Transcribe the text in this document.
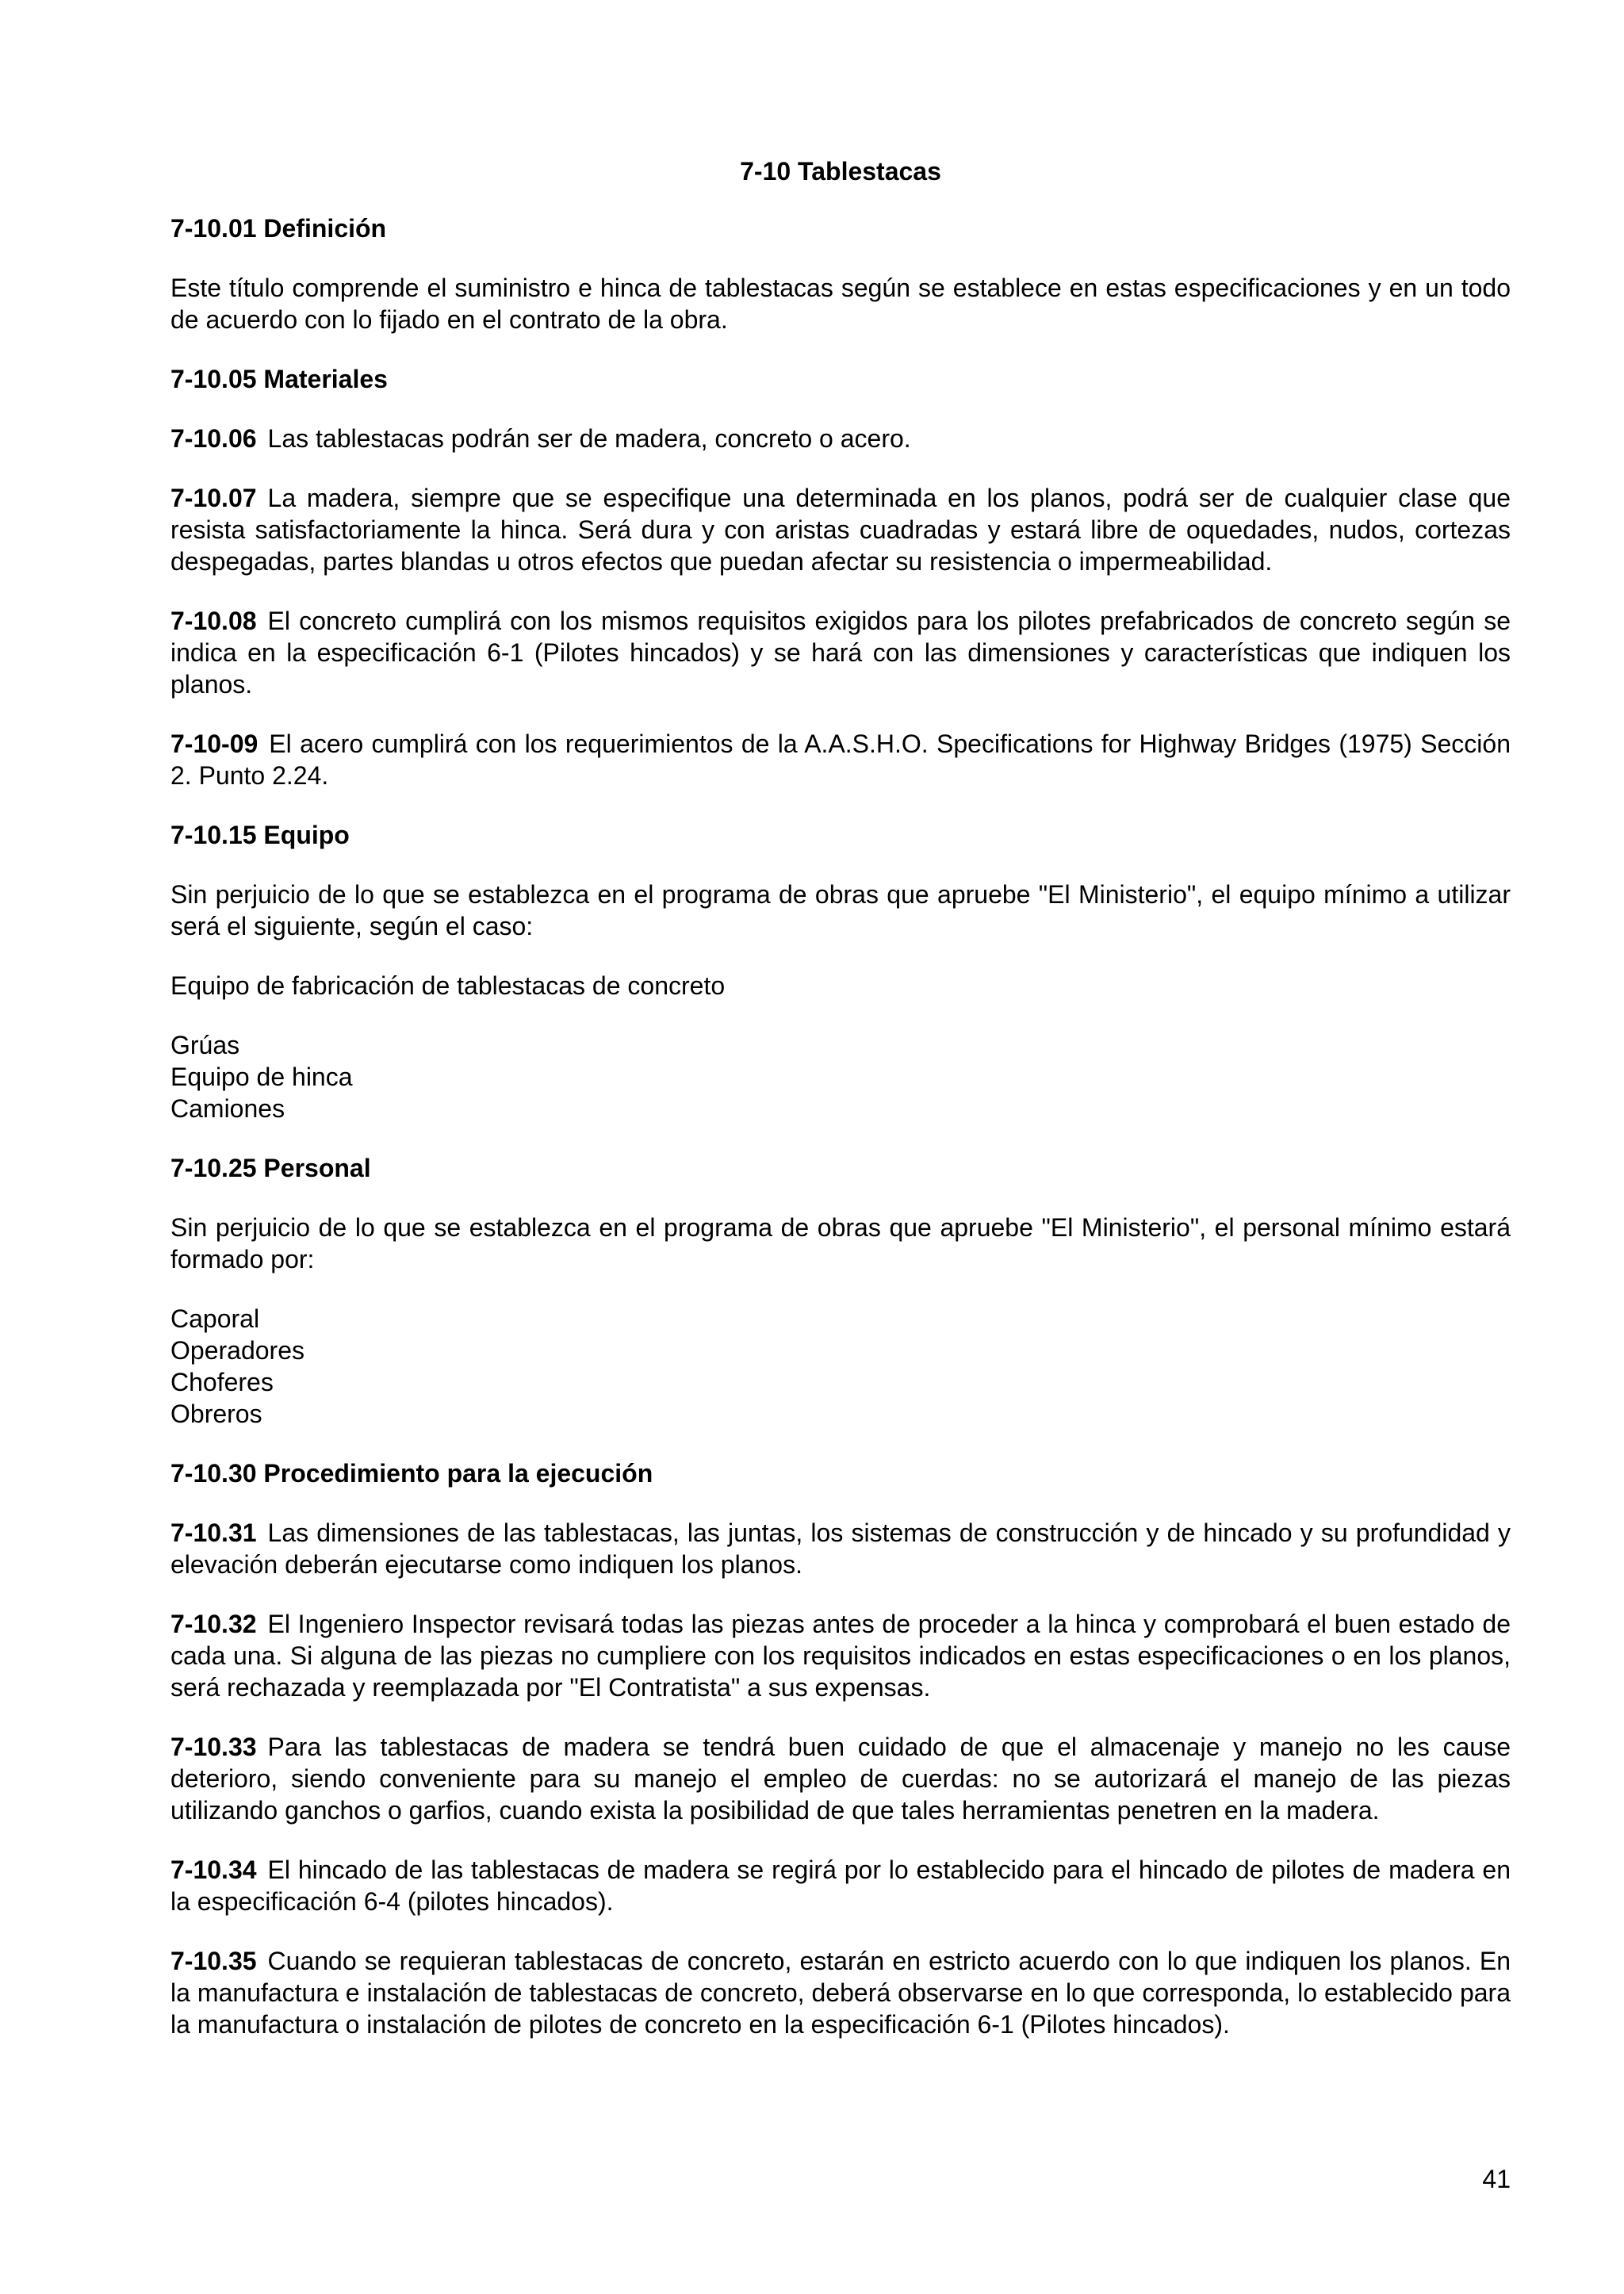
7-10 Tablestacas

7-10.01 Definición

Este título comprende el suministro e hinca de tablestacas según se establece en estas especificaciones y en un todo de acuerdo con lo fijado en el contrato de la obra.

7-10.05 Materiales

7-10.06 Las tablestacas podrán ser de madera, concreto o acero.

7-10.07 La madera, siempre que se especifique una determinada en los planos, podrá ser de cualquier clase que resista satisfactoriamente la hinca. Será dura y con aristas cuadradas y estará libre de oquedades, nudos, cortezas despegadas, partes blandas u otros efectos que puedan afectar su resistencia o impermeabilidad.

7-10.08 El concreto cumplirá con los mismos requisitos exigidos para los pilotes prefabricados de concreto según se indica en la especificación 6-1 (Pilotes hincados) y se hará con las dimensiones y características que indiquen los planos.

7-10-09 El acero cumplirá con los requerimientos de la A.A.S.H.O. Specifications for Highway Bridges (1975) Sección 2. Punto 2.24.

7-10.15 Equipo

Sin perjuicio de lo que se establezca en el programa de obras que apruebe "El Ministerio", el equipo mínimo a utilizar será el siguiente, según el caso:

Equipo de fabricación de tablestacas de concreto

Grúas
Equipo de hinca
Camiones

7-10.25 Personal

Sin perjuicio de lo que se establezca en el programa de obras que apruebe "El Ministerio", el personal mínimo estará formado por:

Caporal
Operadores
Choferes
Obreros

7-10.30 Procedimiento para la ejecución

7-10.31 Las dimensiones de las tablestacas, las juntas, los sistemas de construcción y de hincado y su profundidad y elevación deberán ejecutarse como indiquen los planos.

7-10.32 El Ingeniero Inspector revisará todas las piezas antes de proceder a la hinca y comprobará el buen estado de cada una. Si alguna de las piezas no cumpliere con los requisitos indicados en estas especificaciones o en los planos, será rechazada y reemplazada por "El Contratista" a sus expensas.

7-10.33 Para las tablestacas de madera se tendrá buen cuidado de que el almacenaje y manejo no les cause deterioro, siendo conveniente para su manejo el empleo de cuerdas: no se autorizará el manejo de las piezas utilizando ganchos o garfios, cuando exista la posibilidad de que tales herramientas penetren en la madera.

7-10.34 El hincado de las tablestacas de madera se regirá por lo establecido para el hincado de pilotes de madera en la especificación 6-4 (pilotes hincados).

7-10.35 Cuando se requieran tablestacas de concreto, estarán en estricto acuerdo con lo que indiquen los planos. En la manufactura e instalación de tablestacas de concreto, deberá observarse en lo que corresponda, lo establecido para la manufactura o instalación de pilotes de concreto en la especificación 6-1 (Pilotes hincados).

41
